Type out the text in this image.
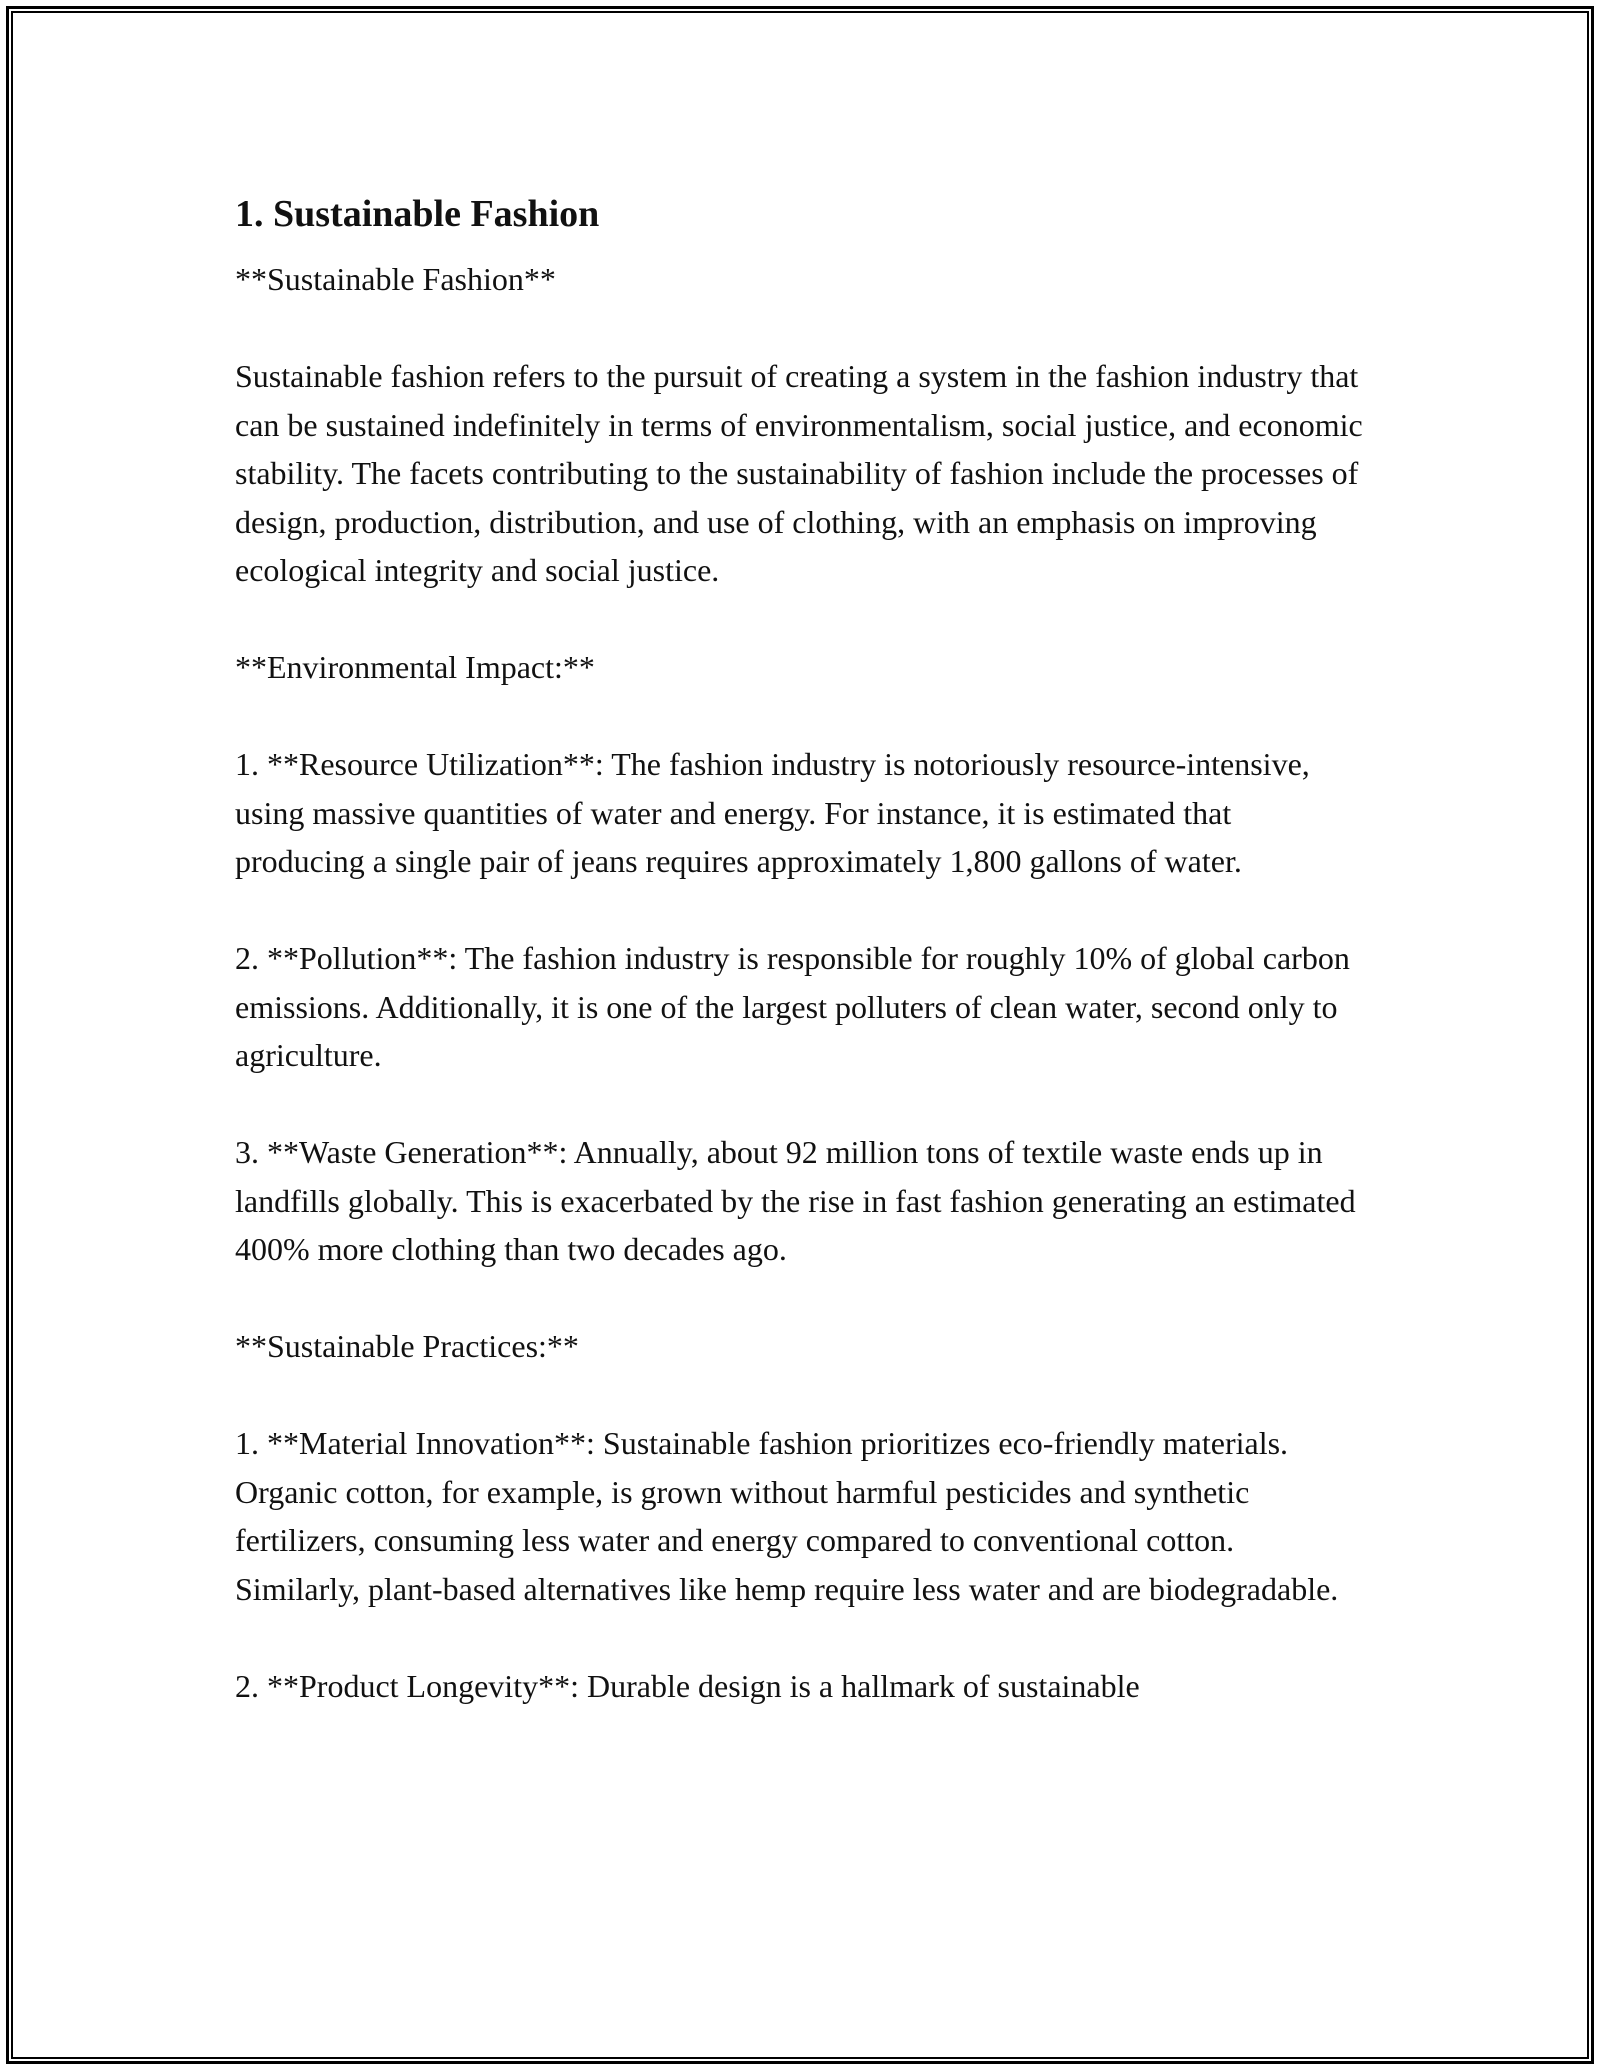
1. Sustainable Fashion

**Sustainable Fashion**

Sustainable fashion refers to the pursuit of creating a system in the fashion industry that can be sustained indefinitely in terms of environmentalism, social justice, and economic stability. The facets contributing to the sustainability of fashion include the processes of design, production, distribution, and use of clothing, with an emphasis on improving ecological integrity and social justice.

**Environmental Impact:**

1. **Resource Utilization**: The fashion industry is notoriously resource-intensive, using massive quantities of water and energy. For instance, it is estimated that producing a single pair of jeans requires approximately 1,800 gallons of water.

2. **Pollution**: The fashion industry is responsible for roughly 10% of global carbon emissions. Additionally, it is one of the largest polluters of clean water, second only to agriculture.

3. **Waste Generation**: Annually, about 92 million tons of textile waste ends up in landfills globally. This is exacerbated by the rise in fast fashion generating an estimated 400% more clothing than two decades ago.

**Sustainable Practices:**

1. **Material Innovation**: Sustainable fashion prioritizes eco-friendly materials. Organic cotton, for example, is grown without harmful pesticides and synthetic fertilizers, consuming less water and energy compared to conventional cotton. Similarly, plant-based alternatives like hemp require less water and are biodegradable.

2. **Product Longevity**: Durable design is a hallmark of sustainable
